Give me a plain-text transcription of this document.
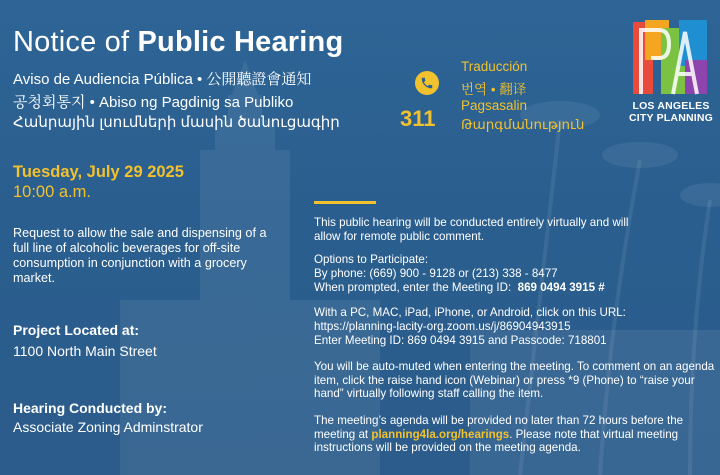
Notice of Public Hearing
Aviso de Audiencia Pública • 公開聽證會通知
공청회통지 • Abiso ng Pagdinig sa Publiko
Հանրային լսումների մասին ծանուցագիր	311
Traducción
번역 • 翻译
Pagsasalin
Թարգմանություն
LOS ANGELES
CITY PLANNING
Tuesday, July 29 2025
10:00 a.m.
Request to allow the sale and dispensing of a full line of alcoholic beverages for off-site consumption in conjunction with a grocery market.
Project Located at:
1100 North Main Street
Hearing Conducted by:
Associate Zoning Adminstrator
This public hearing will be conducted entirely virtually and will allow for remote public comment.
Options to Participate:
By phone: (669) 900 - 9128 or (213) 338 - 8477
When prompted, enter the Meeting ID: 869 0494 3915 #
With a PC, MAC, iPad, iPhone, or Android, click on this URL:
https://planning-lacity-org.zoom.us/j/86904943915
Enter Meeting ID: 869 0494 3915 and Passcode: 718801
You will be auto-muted when entering the meeting. To comment on an agenda item, click the raise hand icon (Webinar) or press *9 (Phone) to “raise your hand” virtually following staff calling the item.
The meeting’s agenda will be provided no later than 72 hours before the meeting at planning4la.org/hearings. Please note that virtual meeting instructions will be provided on the meeting agenda.
